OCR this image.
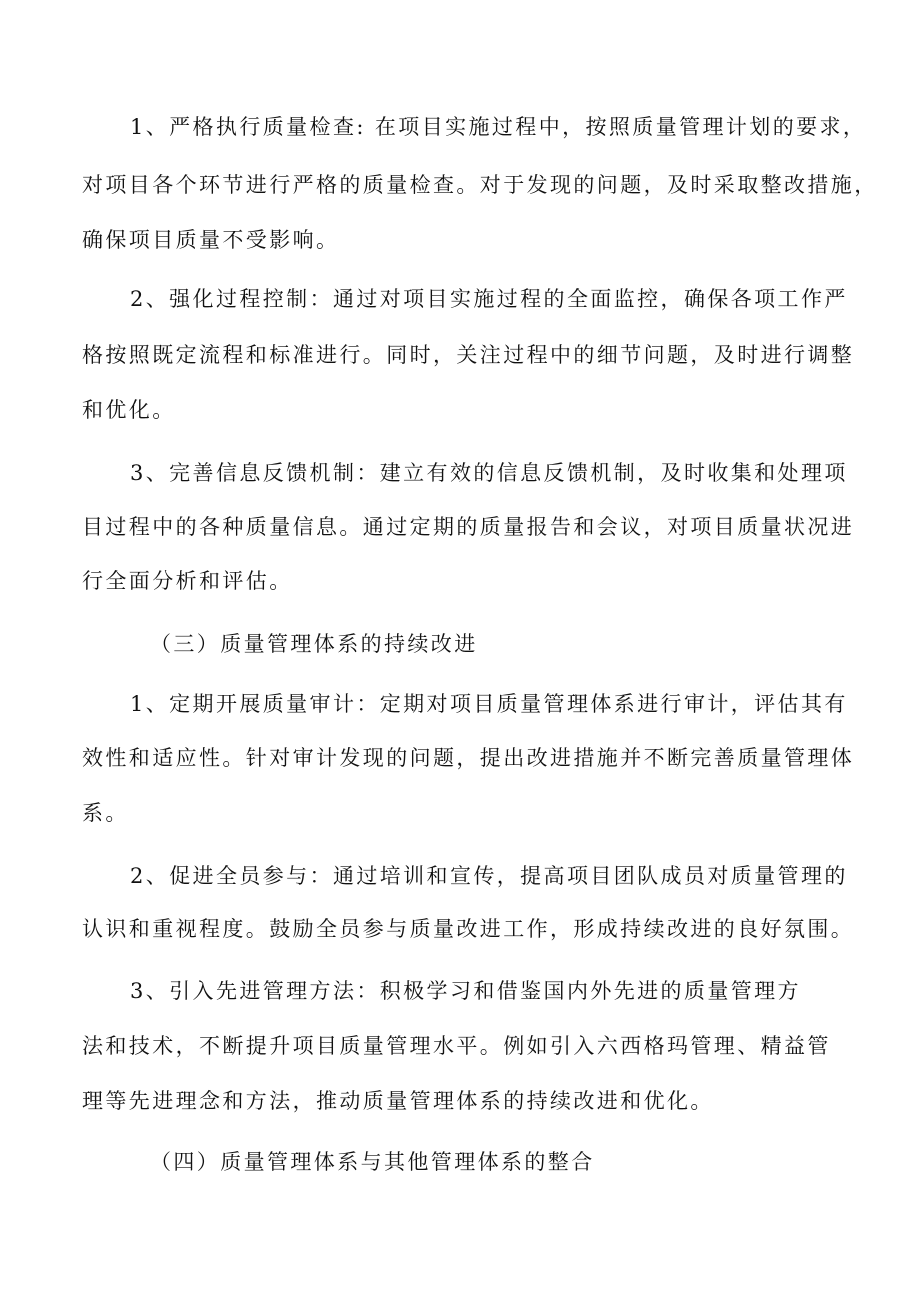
1、严格执行质量检查: 在项目实施过程中，按照质量管理计划的要求，
对项目各个环节进行严格的质量检查。对于发现的问题，及时采取整改措施，
确保项目质量不受影响。
2、强化过程控制：通过对项目实施过程的全面监控，确保各项工作严
格按照既定流程和标准进行。同时，关注过程中的细节问题，及时进行调整
和优化。
3、完善信息反馈机制：建立有效的信息反馈机制，及时收集和处理项
目过程中的各种质量信息。通过定期的质量报告和会议，对项目质量状况进
行全面分析和评估。
（三）质量管理体系的持续改进
1、定期开展质量审计：定期对项目质量管理体系进行审计，评估其有
效性和适应性。针对审计发现的问题，提出改进措施并不断完善质量管理体
系。
2、促进全员参与：通过培训和宣传，提高项目团队成员对质量管理的
认识和重视程度。鼓励全员参与质量改进工作，形成持续改进的良好氛围。
3、引入先进管理方法：积极学习和借鉴国内外先进的质量管理方
法和技术，不断提升项目质量管理水平。例如引入六西格玛管理、精益管
理等先进理念和方法，推动质量管理体系的持续改进和优化。
（四）质量管理体系与其他管理体系的整合
